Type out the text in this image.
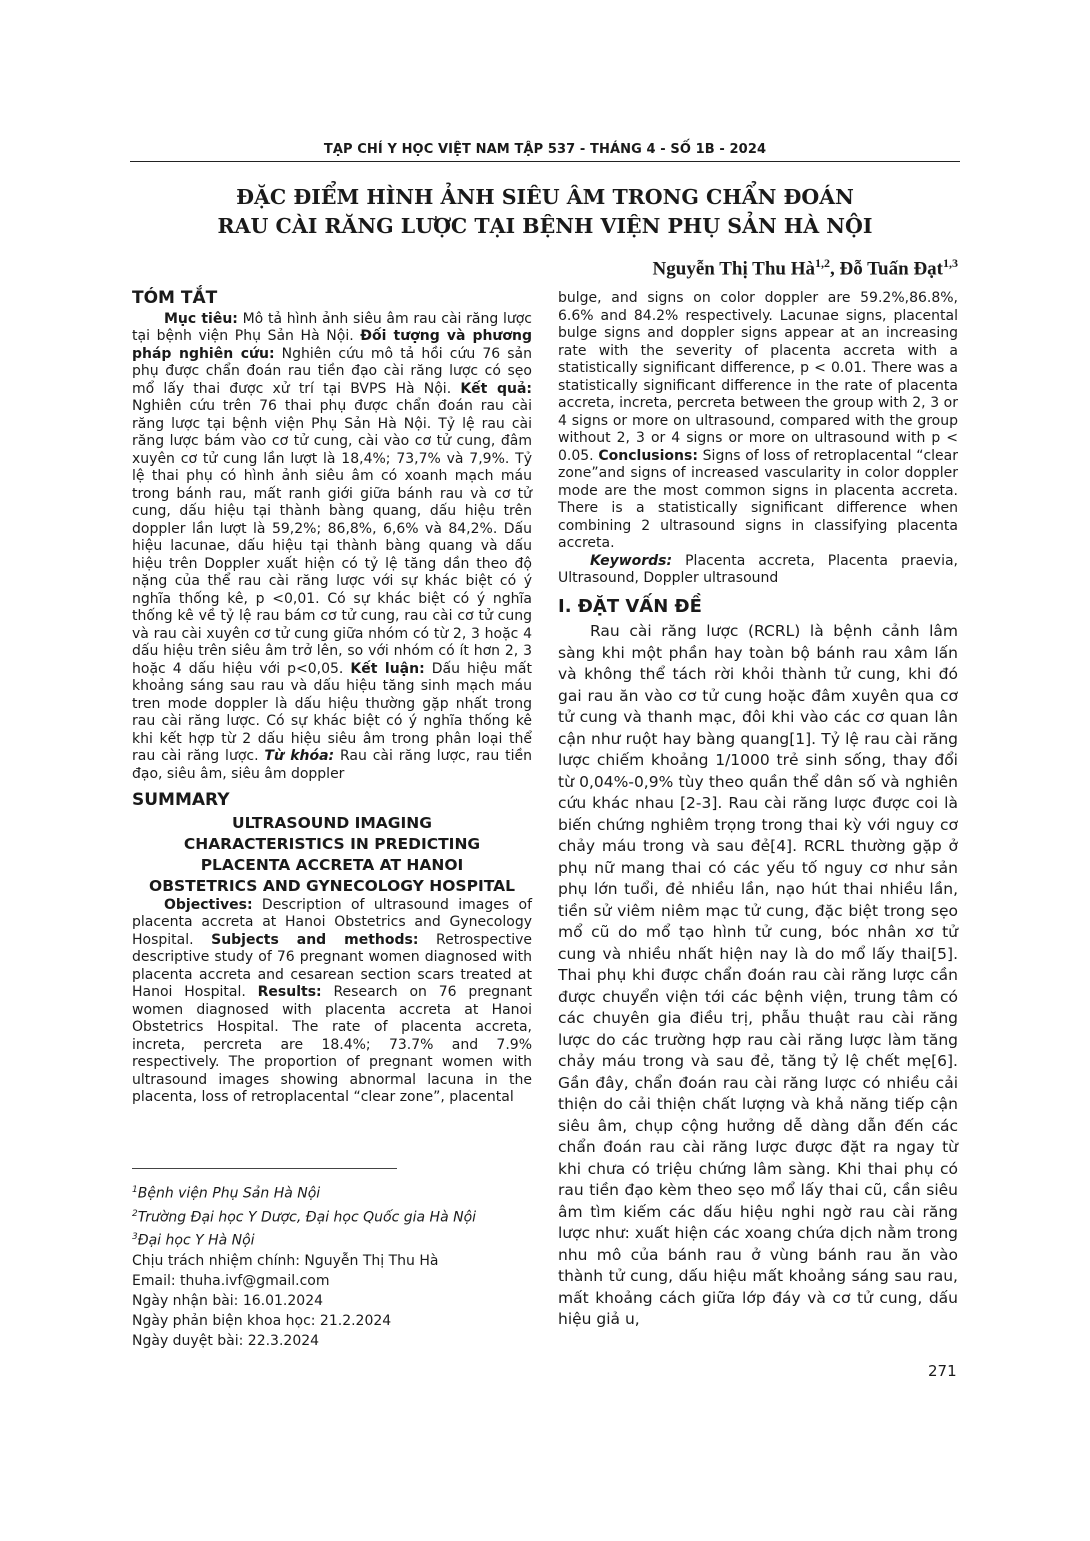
TẠP CHÍ Y HỌC VIỆT NAM TẬP 537 - THÁNG 4 - SỐ 1B - 2024
ĐẶC ĐIỂM HÌNH ẢNH SIÊU ÂM TRONG CHẨN ĐOÁN
RAU CÀI RĂNG LƯỢC TẠI BỆNH VIỆN PHỤ SẢN HÀ NỘI
Nguyễn Thị Thu Hà$^{1,2}$, Đỗ Tuấn Đạt$^{1,3}$
TÓM TẮT

Mục tiêu: Mô tả hình ảnh siêu âm rau cài răng lược tại bệnh viện Phụ Sản Hà Nội. Đối tượng và phương pháp nghiên cứu: Nghiên cứu mô tả hồi cứu 76 sản phụ được chẩn đoán rau tiền đạo cài răng lược có sẹo mổ lấy thai được xử trí tại BVPS Hà Nội. Kết quả: Nghiên cứu trên 76 thai phụ được chẩn đoán rau cài răng lược tại bệnh viện Phụ Sản Hà Nội. Tỷ lệ rau cài răng lược bám vào cơ tử cung, cài vào cơ tử cung, đâm xuyên cơ tử cung lần lượt là 18,4%; 73,7% và 7,9%. Tỷ lệ thai phụ có hình ảnh siêu âm có xoanh mạch máu trong bánh rau, mất ranh giới giữa bánh rau và cơ tử cung, dấu hiệu tại thành bàng quang, dấu hiệu trên doppler lần lượt là 59,2%; 86,8%, 6,6% và 84,2%. Dấu hiệu lacunae, dấu hiệu tại thành bàng quang và dấu hiệu trên Doppler xuất hiện có tỷ lệ tăng dần theo độ nặng của thể rau cài răng lược với sự khác biệt có ý nghĩa thống kê, p <0,01. Có sự khác biệt có ý nghĩa thống kê về tỷ lệ rau bám cơ tử cung, rau cài cơ tử cung và rau cài xuyên cơ tử cung giữa nhóm có từ 2, 3 hoặc 4 dấu hiệu trên siêu âm trở lên, so với nhóm có ít hơn 2, 3 hoặc 4 dấu hiệu với p<0,05. Kết luận: Dấu hiệu mất khoảng sáng sau rau và dấu hiệu tăng sinh mạch máu tren mode doppler là dấu hiệu thường gặp nhất trong rau cài răng lược. Có sự khác biệt có ý nghĩa thống kê khi kết hợp từ 2 dấu hiệu siêu âm trong phân loại thể rau cài răng lược. Từ khóa: Rau cài răng lược, rau tiền đạo, siêu âm, siêu âm doppler

SUMMARY
ULTRASOUND IMAGING
CHARACTERISTICS IN PREDICTING
PLACENTA ACCRETA AT HANOI
OBSTETRICS AND GYNECOLOGY HOSPITAL

Objectives: Description of ultrasound images of placenta accreta at Hanoi Obstetrics and Gynecology Hospital. Subjects and methods: Retrospective descriptive study of 76 pregnant women diagnosed with placenta accreta and cesarean section scars treated at Hanoi Hospital. Results: Research on 76 pregnant women diagnosed with placenta accreta at Hanoi Obstetrics Hospital. The rate of placenta accreta, increta, percreta are 18.4%; 73.7% and 7.9% respectively. The proportion of pregnant women with ultrasound images showing abnormal lacuna in the placenta, loss of retroplacental “clear zone”, placental

$^1$Bệnh viện Phụ Sản Hà Nội
$^2$Trường Đại học Y Dược, Đại học Quốc gia Hà Nội
$^3$Đại học Y Hà Nội
Chịu trách nhiệm chính: Nguyễn Thị Thu Hà
Email: thuha.ivf@gmail.com
Ngày nhận bài: 16.01.2024
Ngày phản biện khoa học: 21.2.2024
Ngày duyệt bài: 22.3.2024

bulge, and signs on color doppler are 59.2%,86.8%, 6.6% and 84.2% respectively. Lacunae signs, placental bulge signs and doppler signs appear at an increasing rate with the severity of placenta accreta with a statistically significant difference, p < 0.01. There was a statistically significant difference in the rate of placenta accreta, increta, percreta between the group with 2, 3 or 4 signs or more on ultrasound, compared with the group without 2, 3 or 4 signs or more on ultrasound with p < 0.05. Conclusions: Signs of loss of retroplacental “clear zone”and signs of increased vascularity in color doppler mode are the most common signs in placenta accreta. There is a statistically significant difference when combining 2 ultrasound signs in classifying placenta accreta.

Keywords: Placenta accreta, Placenta praevia, Ultrasound, Doppler ultrasound

I. ĐẶT VẤN ĐỀ

Rau cài răng lược (RCRL) là bệnh cảnh lâm sàng khi một phần hay toàn bộ bánh rau xâm lấn và không thể tách rời khỏi thành tử cung, khi đó gai rau ăn vào cơ tử cung hoặc đâm xuyên qua cơ tử cung và thanh mạc, đôi khi vào các cơ quan lân cận như ruột hay bàng quang[1]. Tỷ lệ rau cài răng lược chiếm khoảng 1/1000 trẻ sinh sống, thay đổi từ 0,04%-0,9% tùy theo quần thể dân số và nghiên cứu khác nhau [2-3]. Rau cài răng lược được coi là biến chứng nghiêm trọng trong thai kỳ với nguy cơ chảy máu trong và sau đẻ[4]. RCRL thường gặp ở phụ nữ mang thai có các yếu tố nguy cơ như sản phụ lớn tuổi, đẻ nhiều lần, nạo hút thai nhiều lần, tiền sử viêm niêm mạc tử cung, đặc biệt trong sẹo mổ cũ do mổ tạo hình tử cung, bóc nhân xơ tử cung và nhiều nhất hiện nay là do mổ lấy thai[5]. Thai phụ khi được chẩn đoán rau cài răng lược cần được chuyển viện tới các bệnh viện, trung tâm có các chuyên gia điều trị, phẫu thuật rau cài răng lược do các trường hợp rau cài răng lược làm tăng chảy máu trong và sau đẻ, tăng tỷ lệ chết mẹ[6]. Gần đây, chẩn đoán rau cài răng lược có nhiều cải thiện do cải thiện chất lượng và khả năng tiếp cận siêu âm, chụp cộng hưởng dễ dàng dẫn đến các chẩn đoán rau cài răng lược được đặt ra ngay từ khi chưa có triệu chứng lâm sàng. Khi thai phụ có rau tiền đạo kèm theo sẹo mổ lấy thai cũ, cần siêu âm tìm kiếm các dấu hiệu nghi ngờ rau cài răng lược như: xuất hiện các xoang chứa dịch nằm trong nhu mô của bánh rau ở vùng bánh rau ăn vào thành tử cung, dấu hiệu mất khoảng sáng sau rau, mất khoảng cách giữa lớp đáy và cơ tử cung, dấu hiệu giả u,

271
